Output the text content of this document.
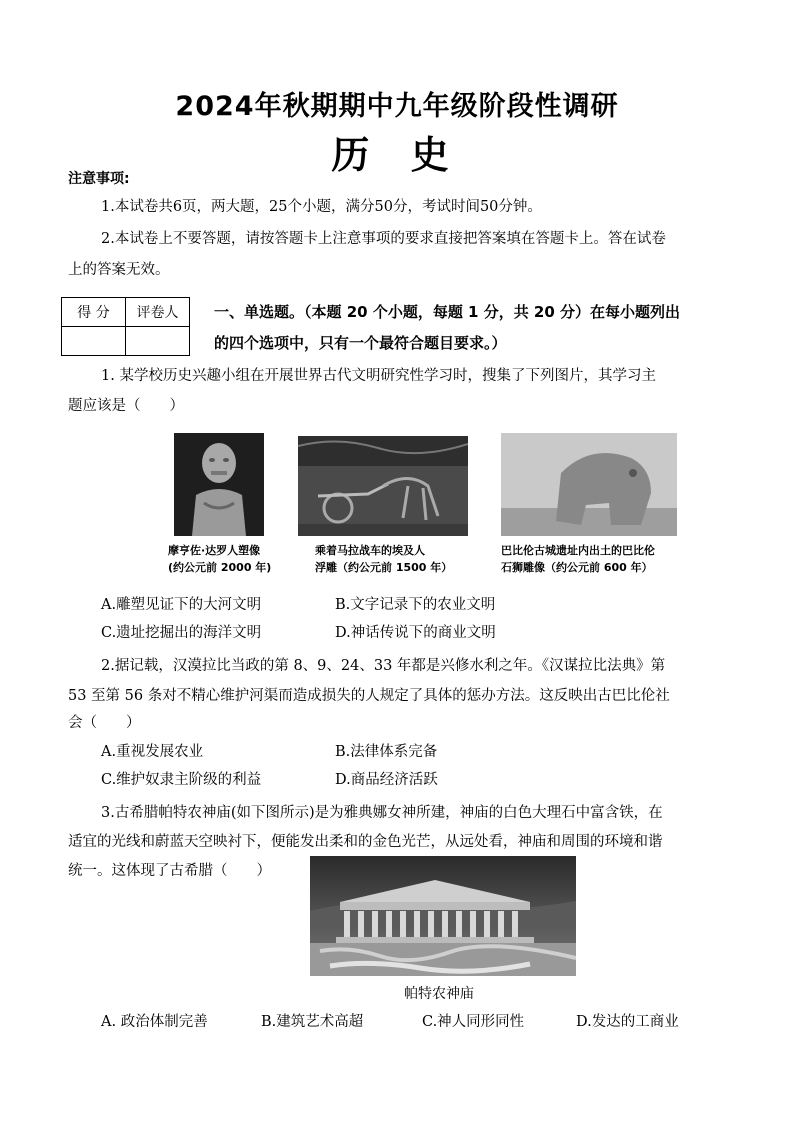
2024年秋期期中九年级阶段性调研
历 史
注意事项:
1.本试卷共6页，两大题，25个小题，满分50分，考试时间50分钟。
2.本试卷上不要答题，请按答题卡上注意事项的要求直接把答案填在答题卡上。答在试卷
上的答案无效。
得 分	评卷人
	一、单选题。（本题 20 个小题，每题 1 分，共 20 分）在每小题列出
的四个选项中，只有一个最符合题目要求。）
1. 某学校历史兴趣小组在开展世界古代文明研究性学习时，搜集了下列图片，其学习主
题应该是（　　）
摩亨佐·达罗人塑像
(约公元前 2000 年)
乘着马拉战车的埃及人
浮雕（约公元前 1500 年）
巴比伦古城遗址内出土的巴比伦
石狮雕像（约公元前 600 年）
A.雕塑见证下的大河文明	B.文字记录下的农业文明
C.遗址挖掘出的海洋文明	D.神话传说下的商业文明
2.据记载，汉漠拉比当政的第 8、9、24、33 年都是兴修水利之年。《汉谋拉比法典》第
53 至第 56 条对不精心维护河渠而造成损失的人规定了具体的惩办方法。这反映出古巴比伦社
会（　　）
A.重视发展农业	B.法律体系完备
C.维护奴隶主阶级的利益	D.商品经济活跃
3.古希腊帕特农神庙(如下图所示)是为雅典娜女神所建，神庙的白色大理石中富含铁，在
适宜的光线和蔚蓝天空映衬下，便能发出柔和的金色光芒，从远处看，神庙和周围的环境和谐
统一。这体现了古希腊（　　）
帕特农神庙
A. 政治体制完善	B.建筑艺术高超	C.神人同形同性	D.发达的工商业
